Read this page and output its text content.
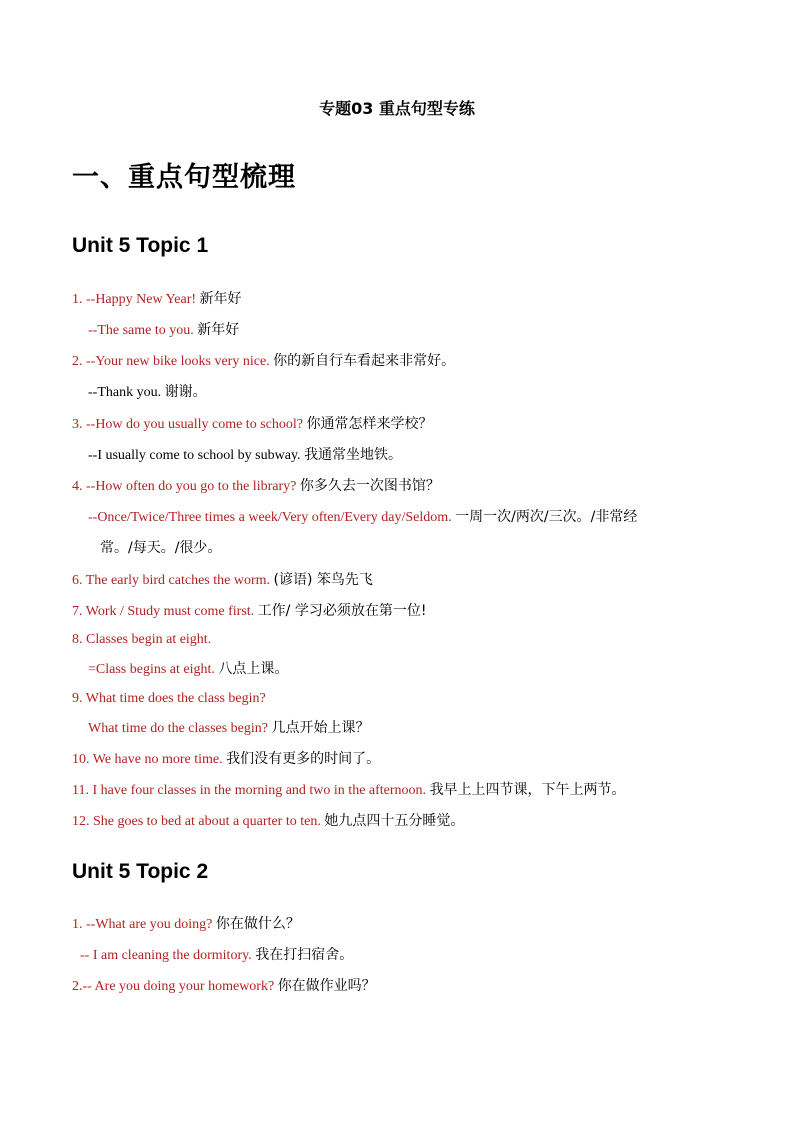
专题03 重点句型专练
一、重点句型梳理
Unit 5 Topic 1
1. --Happy New Year! 新年好
--The same to you. 新年好
2. --Your new bike looks very nice. 你的新自行车看起来非常好。
--Thank you. 谢谢。
3. --How do you usually come to school? 你通常怎样来学校？
--I usually come to school by subway. 我通常坐地铁。
4. --How often do you go to the library? 你多久去一次图书馆？
--Once/Twice/Three times a week/Very often/Every day/Seldom. 一周一次/两次/三次。/非常经
常。/每天。/很少。
6. The early bird catches the worm. (谚语) 笨鸟先飞
7. Work / Study must come first. 工作/ 学习必须放在第一位!
8. Classes begin at eight.
=Class begins at eight. 八点上课。
9. What time does the class begin?
What time do the classes begin? 几点开始上课？
10. We have no more time. 我们没有更多的时间了。
11. I have four classes in the morning and two in the afternoon. 我早上上四节课，下午上两节。
12. She goes to bed at about a quarter to ten. 她九点四十五分睡觉。
Unit 5 Topic 2
1. --What are you doing? 你在做什么？
-- I am cleaning the dormitory. 我在打扫宿舍。
2.-- Are you doing your homework? 你在做作业吗？
